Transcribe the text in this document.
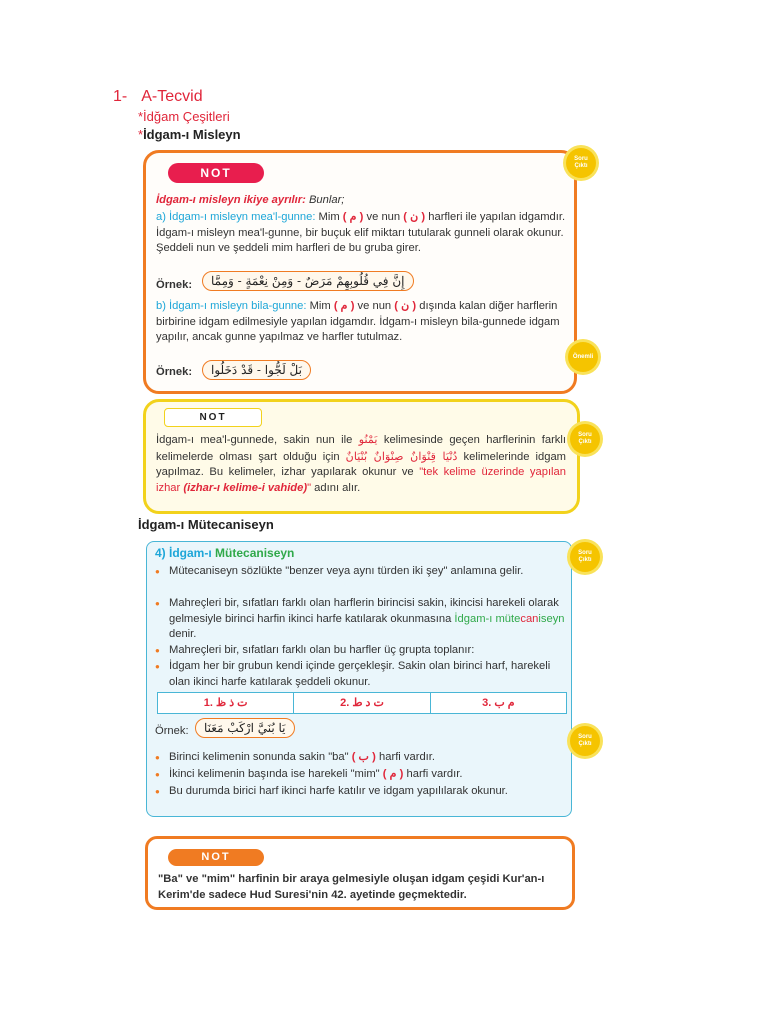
1- A-Tecvid
*İdğam Çeşitleri
*İdgam-ı Misleyn
NOT
İdgam-ı misleyn ikiye ayrılır: Bunlar;
a) İdgam-ı misleyn mea'l-gunne: Mim ( م ) ve nun ( ن ) harfleri ile yapılan idgamdır. İdgam-ı misleyn mea'l-gunne, bir buçuk elif miktarı tutularak gunneli olarak okunur. Şeddeli nun ve şeddeli mim harfleri de bu gruba girer.
Örnek:	إِنَّ فِي قُلُوبِهِمْ مَرَضٌ - وَمِنْ نِعْمَةٍ - وَمِمَّا
b) İdgam-ı misleyn bila-gunne: Mim ( م ) ve nun ( ن ) dışında kalan diğer harflerin birbirine idgam edilmesiyle yapılan idgamdır. İdgam-ı misleyn bila-gunnede idgam yapılır, ancak gunne yapılmaz ve harfler tutulmaz.
Örnek:	بَلْ لَجُّوا - قَدْ دَخَلُوا
Soru Çıktı
Önemli
NOT
İdgam-ı mea'l-gunnede, sakin nun ile يَمْنُو kelimesinde geçen harflerinin farklı kelimelerde olması şart olduğu için دُنْيَا قِنْوَانٌ صِنْوَانٌ بُنْيَانٌ kelimelerinde idgam yapılmaz. Bu kelimeler, izhar yapılarak okunur ve "tek kelime üzerinde yapılan izhar (izhar-ı kelime-i vahide)" adını alır.
Soru Çıktı
İdgam-ı Mütecaniseyn
4) İdgam-ı Mütecaniseyn
● Mütecaniseyn sözlükte "benzer veya aynı türden iki şey" anlamına gelir.
● Mahreçleri bir, sıfatları farklı olan harflerin birincisi sakin, ikincisi harekeli olarak gelmesiyle birinci harfin ikinci harfe katılarak okunmasına İdgam-ı mütecaniseyn denir.
● Mahreçleri bir, sıfatları farklı olan bu harfler üç grupta toplanır:
● İdgam her bir grubun kendi içinde gerçekleşir. Sakin olan birinci harf, harekeli olan ikinci harfe katılarak şeddeli okunur.
1. ت ذ ظ	2. ت د ط	3. م ب
Örnek:	يَا بُنَيَّ ارْكَبْ مَعَنَا
● Birinci kelimenin sonunda sakin "ba" ( ب ) harfi vardır.
● İkinci kelimenin başında ise harekeli "mim" ( م ) harfi vardır.
● Bu durumda birici harf ikinci harfe katılır ve idgam yapılılarak okunur.
Soru Çıktı
Soru Çıktı
NOT
"Ba" ve "mim" harfinin bir araya gelmesiyle oluşan idgam çeşidi Kur'an-ı Kerim'de sadece Hud Suresi'nin 42. ayetinde geçmektedir.
